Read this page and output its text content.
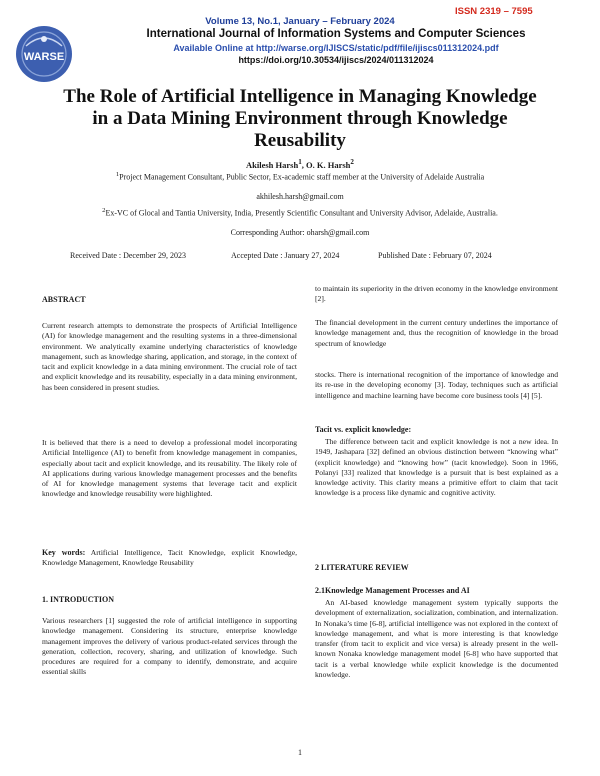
ISSN 2319 – 7595
WARSE
Volume 13, No.1, January – February 2024
International Journal of Information Systems and Computer Sciences
Available Online at http://warse.org/IJISCS/static/pdf/file/ijiscs011312024.pdf
https://doi.org/10.30534/ijiscs/2024/011312024
The Role of Artificial Intelligence in Managing Knowledge in a Data Mining Environment through Knowledge Reusability
Akilesh Harsh$^1$, O. K. Harsh$^2$
$^1$Project Management Consultant, Public Sector, Ex-academic staff member at the University of Adelaide Australia
akhilesh.harsh@gmail.com
$^2$Ex-VC of Glocal and Tantia University, India, Presently Scientific Consultant and University Advisor, Adelaide, Australia.
Corresponding Author: oharsh@gmail.com
Received Date : December 29, 2023	Accepted Date : January 27, 2024	Published Date : February 07, 2024
ABSTRACT
Current research attempts to demonstrate the prospects of Artificial Intelligence (AI) for knowledge management and the resulting systems in a three-dimensional environment. We analytically examine underlying characteristics of knowledge management, such as knowledge sharing, application, and storage, in the context of tacit and explicit knowledge in a data mining environment. The crucial role of tact and explicit knowledge and its reusability, especially in a data mining environment, has been considered in present studies.
It is believed that there is a need to develop a professional model incorporating Artificial Intelligence (AI) to benefit from knowledge management in companies, especially about tacit and explicit knowledge, and its reusability. The likely role of AI applications during various knowledge management processes and the benefits of AI for knowledge management systems that leverage tacit and explicit knowledge and knowledge reusability were highlighted.
Key words: Artificial Intelligence, Tacit Knowledge, explicit Knowledge, Knowledge Management, Knowledge Reusability
1. INTRODUCTION
Various researchers [1] suggested the role of artificial intelligence in supporting knowledge management. Considering its structure, enterprise knowledge management improves the delivery of various product-related services through the generation, collection, recovery, sharing, and utilization of knowledge. Such procedures are required for a company to identify, demonstrate, and acquire essential skills
to maintain its superiority in the driven economy in the knowledge environment [2].
The financial development in the current century underlines the importance of knowledge management and, thus the recognition of knowledge in the broad spectrum of knowledge
stocks. There is international recognition of the importance of knowledge and its re-use in the developing economy [3]. Today, techniques such as artificial intelligence and machine learning have become core business tools [4] [5].
Tacit vs. explicit knowledge:
The difference between tacit and explicit knowledge is not a new idea. In 1949, Jashapara [32] defined an obvious distinction between “knowing what” (explicit knowledge) and “knowing how” (tacit knowledge). Soon in 1966, Polanyi [33] realized that knowledge is a pursuit that is best explained as a knowledge activity. This clarity means a primitive effort to claim that tacit knowledge is a process like dynamic and cognitive activity.
2 LITERATURE REVIEW
2.1Knowledge Management Processes and AI
An AI-based knowledge management system typically supports the development of externalization, socialization, combination, and internalization. In Nonaka’s time [6-8], artificial intelligence was not explored in the context of knowledge management, and what is more interesting is that knowledge transfer (from tacit to explicit and vice versa) is already present in the well-known Nonaka knowledge management model [6-8] who have supported that tacit is a verbal knowledge while explicit knowledge is the documented knowledge.
1
